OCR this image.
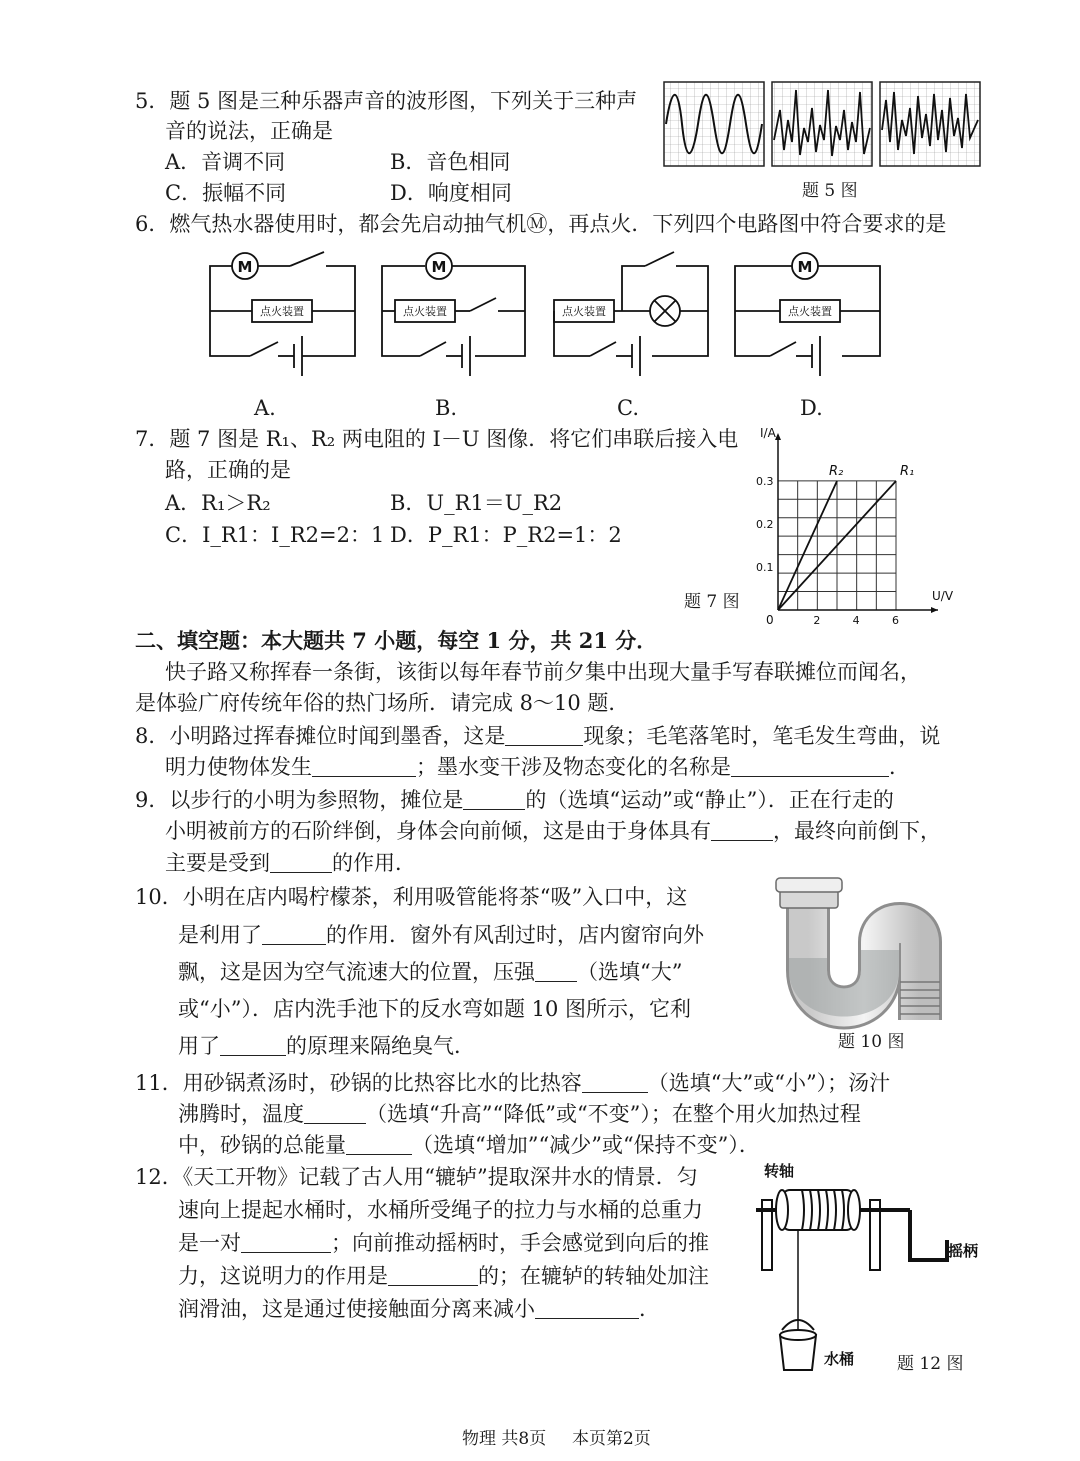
5．题 5 图是三种乐器声音的波形图，下列关于三种声
音的说法，正确是
A．音调不同	B．音色相同
C．振幅不同	D．响度相同	题 5 图
6．燃气热水器使用时，都会先启动抽气机Ⓜ，再点火．下列四个电路图中符合要求的是
M	M	M
点火装置	点火装置	点火装置	点火装置
A.	B.	C.	D.
7．题 7 图是 R₁、R₂ 两电阻的 I－U 图像．将它们串联后接入电
路，正确的是
A．R₁＞R₂	B．U_R1＝U_R2
C．I_R1：I_R2=2：1 D．P_R1：P_R2=1：2
I/A
U/V
0
0.1
0.2
0.3
2	4	6
R₂	R₁
题 7 图
二、填空题：本大题共 7 小题，每空 1 分，共 21 分．
快子路又称挥春一条街，该街以每年春节前夕集中出现大量手写春联摊位而闻名，
是体验广府传统年俗的热门场所．请完成 8～10 题．
8．小明路过挥春摊位时闻到墨香，这是	现象；毛笔落笔时，笔毛发生弯曲，说
明力使物体发生	；墨水变干涉及物态变化的名称是	．
9．以步行的小明为参照物，摊位是	的（选填“运动”或“静止”）．正在行走的
小明被前方的石阶绊倒，身体会向前倾，这是由于身体具有	，最终向前倒下，
主要是受到	的作用．
10．小明在店内喝柠檬茶，利用吸管能将茶“吸”入口中，这
是利用了	的作用．窗外有风刮过时，店内窗帘向外
飘，这是因为空气流速大的位置，压强 （选填“大”
或“小”）．店内洗手池下的反水弯如题 10 图所示，它利
用了	的原理来隔绝臭气．	题 10 图
11．用砂锅煮汤时，砂锅的比热容比水的比热容	（选填“大”或“小”）；汤汁
沸腾时，温度	（选填“升高”“降低”或“不变”）；在整个用火加热过程
中，砂锅的总能量	（选填“增加”“减少”或“保持不变”）．
12．《天工开物》记载了古人用“辘轳”提取深井水的情景．匀
速向上提起水桶时，水桶所受绳子的拉力与水桶的总重力
是一对	；向前推动摇柄时，手会感觉到向后的推
力，这说明力的作用是	的；在辘轳的转轴处加注
润滑油，这是通过使接触面分离来减小	．
转轴
摇柄
水桶	题 12 图
物理 共8页 本页第2页
